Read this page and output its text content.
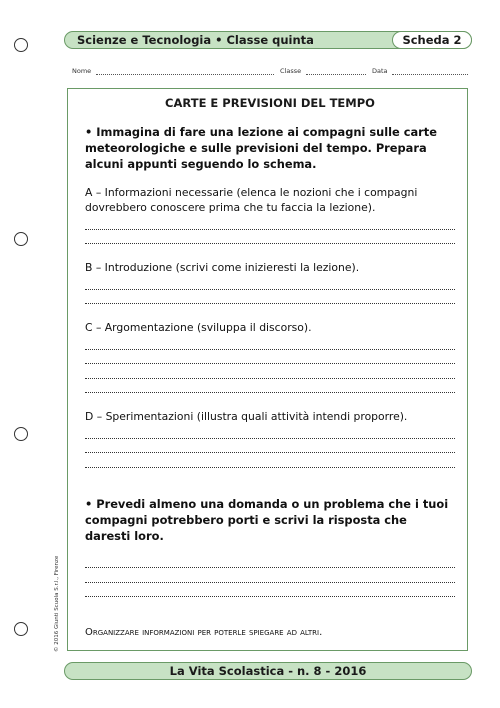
Scienze e Tecnologia • Classe quinta	Scheda 2
Nome	Classe	Data

CARTE E PREVISIONI DEL TEMPO

• Immagina di fare una lezione ai compagni sulle carte meteorologiche e sulle previsioni del tempo. Prepara alcuni appunti seguendo lo schema.

A – Informazioni necessarie (elenca le nozioni che i compagni dovrebbero conoscere prima che tu faccia la lezione).

B – Introduzione (scrivi come inizieresti la lezione).

C – Argomentazione (sviluppa il discorso).

D – Sperimentazioni (illustra quali attività intendi proporre).

• Prevedi almeno una domanda o un problema che i tuoi compagni potrebbero porti e scrivi la risposta che daresti loro.

Organizzare informazioni per poterle spiegare ad altri.
© 2016 Giunti Scuola S.r.l., Firenze
La Vita Scolastica - n. 8 - 2016
